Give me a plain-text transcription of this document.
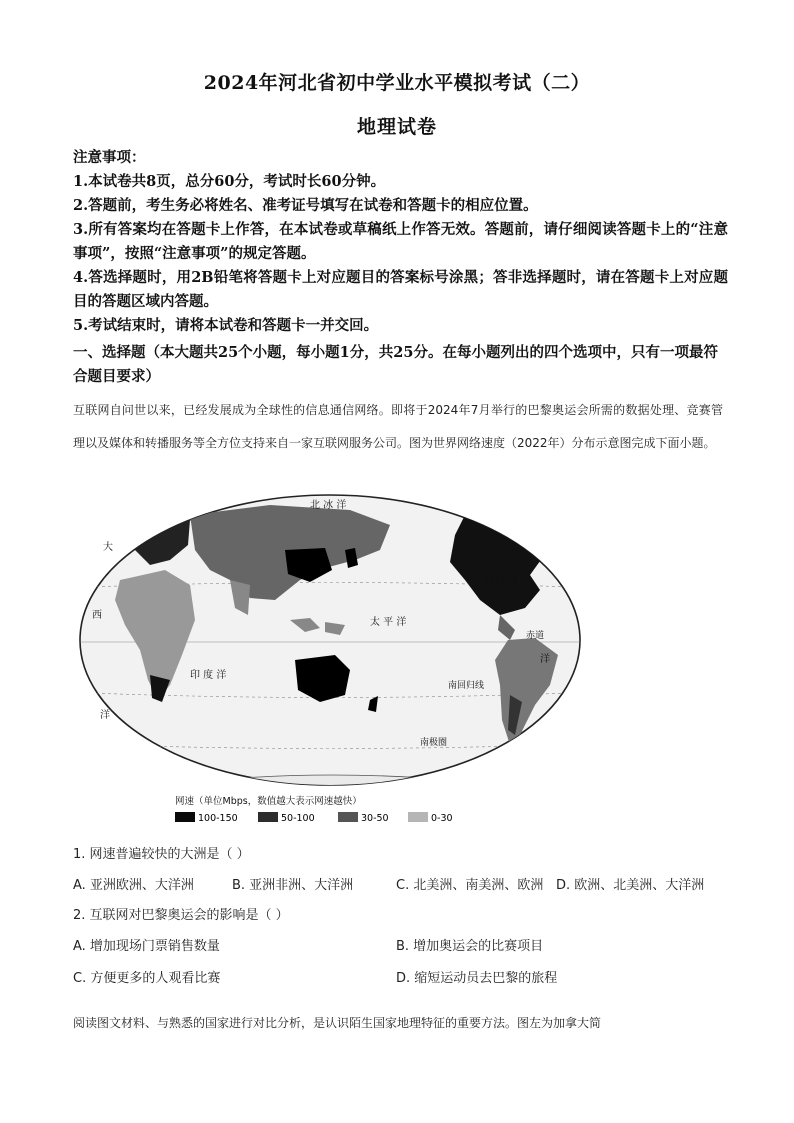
2024年河北省初中学业水平模拟考试（二）
地理试卷
注意事项：
1.本试卷共8页，总分60分，考试时长60分钟。
2.答题前，考生务必将姓名、准考证号填写在试卷和答题卡的相应位置。
3.所有答案均在答题卡上作答，在本试卷或草稿纸上作答无效。答题前，请仔细阅读答题卡上的“注意事项”，按照“注意事项”的规定答题。
4.答选择题时，用2B铅笔将答题卡上对应题目的答案标号涂黑；答非选择题时，请在答题卡上对应题目的答题区域内答题。
5.考试结束时，请将本试卷和答题卡一并交回。
一、选择题（本大题共25个小题，每小题1分，共25分。在每小题列出的四个选项中，只有一项最符合题目要求）
互联网自问世以来，已经发展成为全球性的信息通信网络。即将于2024年7月举行的巴黎奥运会所需的数据处理、竞赛管理以及媒体和转播服务等全方位支持来自一家互联网服务公司。图为世界网络速度（2022年）分布示意图完成下面小题。
北 冰 洋
太 平 洋
印 度 洋
北回归线
赤道
南回归线
南极圈
大
西
洋
洋
网速（单位Mbps，数值越大表示网速越快）
100-150	50-100	30-50	0-30
1. 网速普遍较快的大洲是（ ）
A. 亚洲欧洲、大洋洲	B. 亚洲非洲、大洋洲	C. 北美洲、南美洲、欧洲 D. 欧洲、北美洲、大洋洲
2. 互联网对巴黎奥运会的影响是（ ）
A. 增加现场门票销售数量	B. 增加奥运会的比赛项目
C. 方便更多的人观看比赛	D. 缩短运动员去巴黎的旅程
阅读图文材料、与熟悉的国家进行对比分析，是认识陌生国家地理特征的重要方法。图左为加拿大简
